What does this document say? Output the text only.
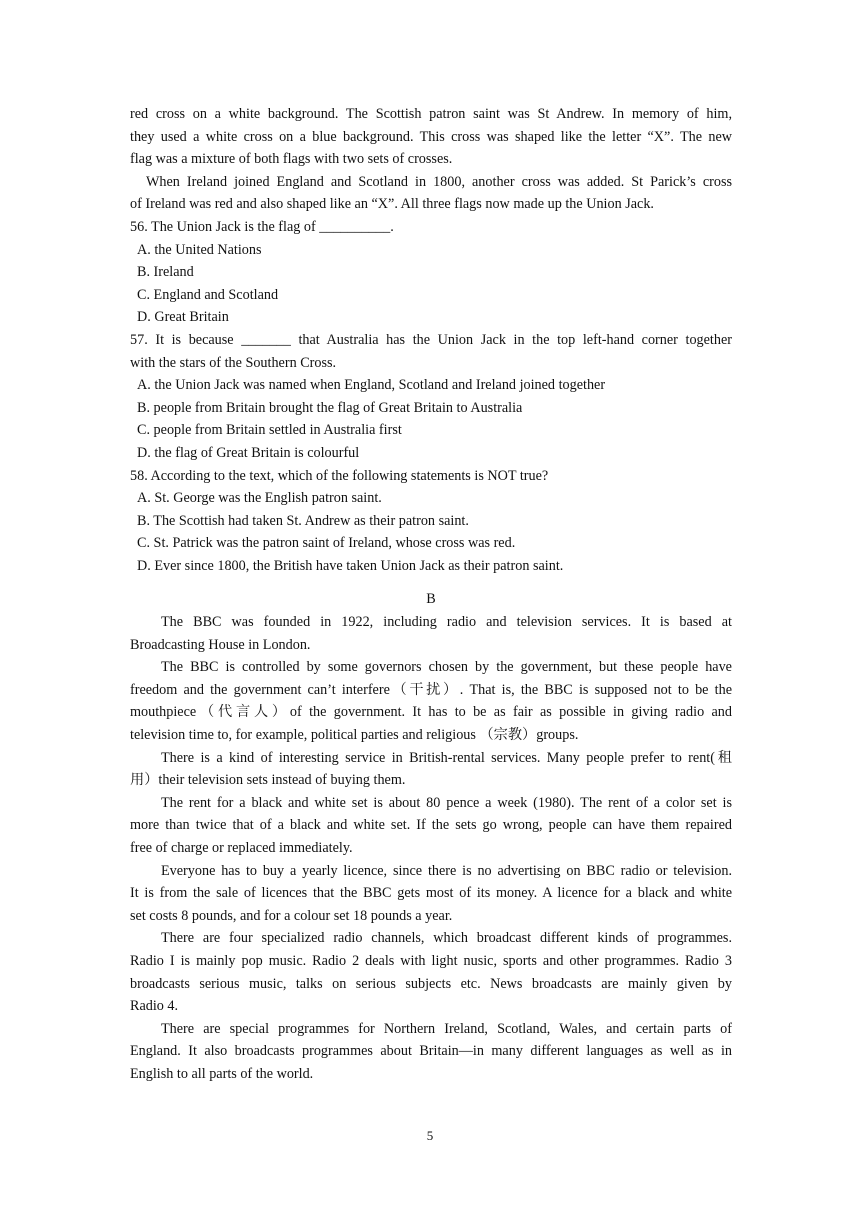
red cross on a white background. The Scottish patron saint was St Andrew. In memory of him,
they used a white cross on a blue background. This cross was shaped like the letter “X”. The new
flag was a mixture of both flags with two sets of crosses.
When Ireland joined England and Scotland in 1800, another cross was added. St Parick’s cross
of Ireland was red and also shaped like an “X”. All three flags now made up the Union Jack.
56. The Union Jack is the flag of __________.
A. the United Nations
B. Ireland
C. England and Scotland
D. Great Britain
57. It is because _______ that Australia has the Union Jack in the top left-hand corner together
with the stars of the Southern Cross.
A. the Union Jack was named when England, Scotland and Ireland joined together
B. people from Britain brought the flag of Great Britain to Australia
C. people from Britain settled in Australia first
D. the flag of Great Britain is colourful
58. According to the text, which of the following statements is NOT true?
A. St. George was the English patron saint.
B. The Scottish had taken St. Andrew as their patron saint.
C. St. Patrick was the patron saint of Ireland, whose cross was red.
D. Ever since 1800, the British have taken Union Jack as their patron saint.
B
The BBC was founded in 1922, including radio and television services. It is based at
Broadcasting House in London.
The BBC is controlled by some governors chosen by the government, but these people have
freedom and the government can’t interfere（干扰）. That is, the BBC is supposed not to be the
mouthpiece（代言人）of the government. It has to be as fair as possible in giving radio and
television time to, for example, political parties and religious （宗教）groups.
There is a kind of interesting service in British-rental services. Many people prefer to rent(租
用）their television sets instead of buying them.
The rent for a black and white set is about 80 pence a week (1980). The rent of a color set is
more than twice that of a black and white set. If the sets go wrong, people can have them repaired
free of charge or replaced immediately.
Everyone has to buy a yearly licence, since there is no advertising on BBC radio or television.
It is from the sale of licences that the BBC gets most of its money. A licence for a black and white
set costs 8 pounds, and for a colour set 18 pounds a year.
There are four specialized radio channels, which broadcast different kinds of programmes.
Radio I is mainly pop music. Radio 2 deals with light nusic, sports and other programmes. Radio 3
broadcasts serious music, talks on serious subjects etc. News broadcasts are mainly given by
Radio 4.
There are special programmes for Northern Ireland, Scotland, Wales, and certain parts of
England. It also broadcasts programmes about Britain—in many different languages as well as in
English to all parts of the world.
5
